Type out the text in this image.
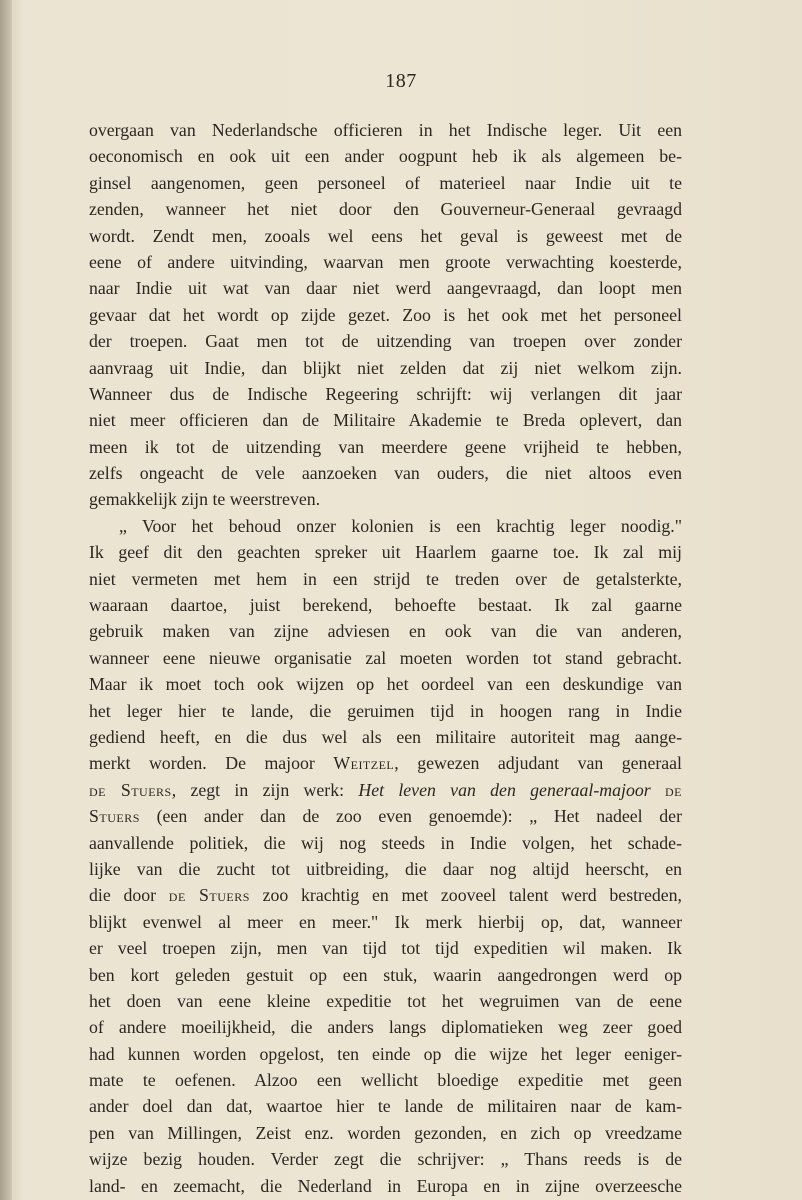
187
overgaan van Nederlandsche officieren in het Indische leger. Uit een
oeconomisch en ook uit een ander oogpunt heb ik als algemeen be-
ginsel aangenomen, geen personeel of materieel naar Indie uit te
zenden, wanneer het niet door den Gouverneur-Generaal gevraagd
wordt. Zendt men, zooals wel eens het geval is geweest met de
eene of andere uitvinding, waarvan men groote verwachting koesterde,
naar Indie uit wat van daar niet werd aangevraagd, dan loopt men
gevaar dat het wordt op zijde gezet. Zoo is het ook met het personeel
der troepen. Gaat men tot de uitzending van troepen over zonder
aanvraag uit Indie, dan blijkt niet zelden dat zij niet welkom zijn.
Wanneer dus de Indische Regeering schrijft: wij verlangen dit jaar
niet meer officieren dan de Militaire Akademie te Breda oplevert, dan
meen ik tot de uitzending van meerdere geene vrijheid te hebben,
zelfs ongeacht de vele aanzoeken van ouders, die niet altoos even
gemakkelijk zijn te weerstreven.
„ Voor het behoud onzer kolonien is een krachtig leger noodig."
Ik geef dit den geachten spreker uit Haarlem gaarne toe. Ik zal mij
niet vermeten met hem in een strijd te treden over de getalsterkte,
waaraan daartoe, juist berekend, behoefte bestaat. Ik zal gaarne
gebruik maken van zijne adviesen en ook van die van anderen,
wanneer eene nieuwe organisatie zal moeten worden tot stand gebracht.
Maar ik moet toch ook wijzen op het oordeel van een deskundige van
het leger hier te lande, die geruimen tijd in hoogen rang in Indie
gediend heeft, en die dus wel als een militaire autoriteit mag aange-
merkt worden. De majoor Weitzel, gewezen adjudant van generaal
de Stuers, zegt in zijn werk: Het leven van den generaal-majoor de
Stuers (een ander dan de zoo even genoemde): „ Het nadeel der
aanvallende politiek, die wij nog steeds in Indie volgen, het schade-
lijke van die zucht tot uitbreiding, die daar nog altijd heerscht, en
die door de Stuers zoo krachtig en met zooveel talent werd bestreden,
blijkt evenwel al meer en meer." Ik merk hierbij op, dat, wanneer
er veel troepen zijn, men van tijd tot tijd expeditien wil maken. Ik
ben kort geleden gestuit op een stuk, waarin aangedrongen werd op
het doen van eene kleine expeditie tot het wegruimen van de eene
of andere moeilijkheid, die anders langs diplomatieken weg zeer goed
had kunnen worden opgelost, ten einde op die wijze het leger eeniger-
mate te oefenen. Alzoo een wellicht bloedige expeditie met geen
ander doel dan dat, waartoe hier te lande de militairen naar de kam-
pen van Millingen, Zeist enz. worden gezonden, en zich op vreedzame
wijze bezig houden. Verder zegt die schrijver: „ Thans reeds is de
land- en zeemacht, die Nederland in Europa en in zijne overzeesche
